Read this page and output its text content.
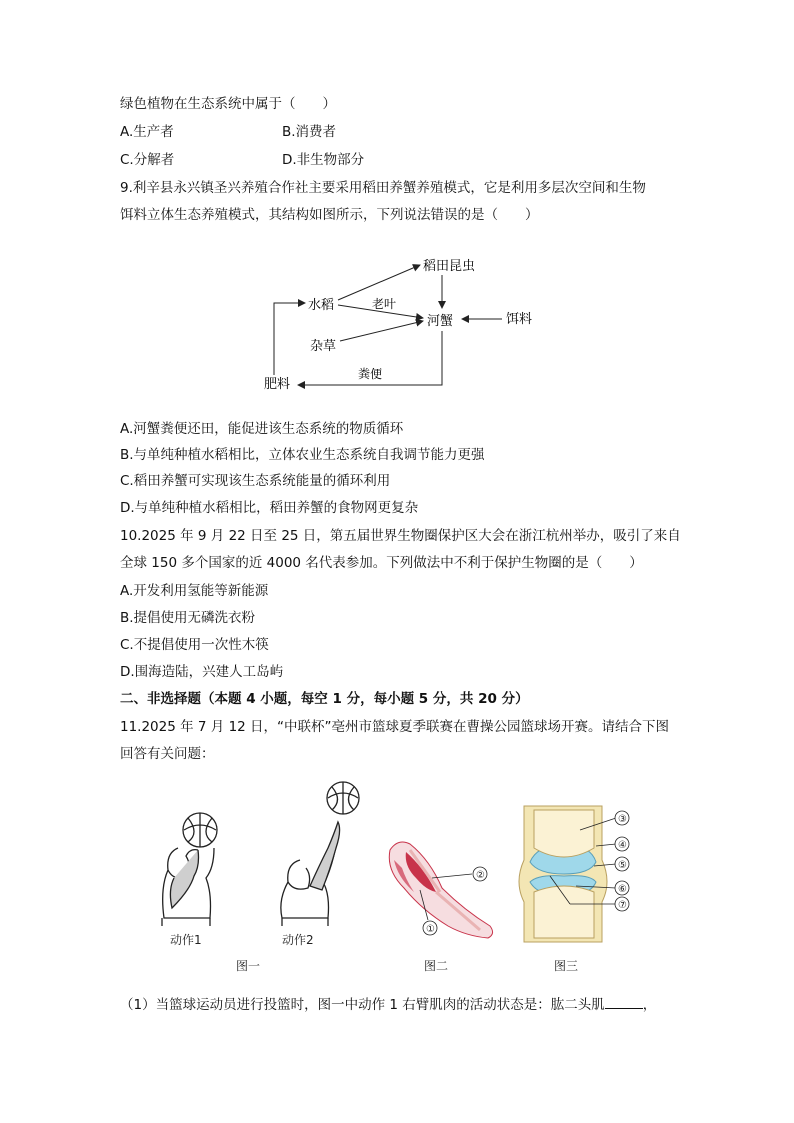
绿色植物在生态系统中属于（　　）
A.生产者	B.消费者
C.分解者	D.非生物部分
9.利辛县永兴镇圣兴养殖合作社主要采用稻田养蟹养殖模式，它是利用多层次空间和生物
饵料立体生态养殖模式，其结构如图所示，下列说法错误的是（　　）
水稻
稻田昆虫
老叶
河蟹	饵料
杂草
粪便
肥料
A.河蟹粪便还田，能促进该生态系统的物质循环
B.与单纯种植水稻相比，立体农业生态系统自我调节能力更强
C.稻田养蟹可实现该生态系统能量的循环利用
D.与单纯种植水稻相比，稻田养蟹的食物网更复杂
10.2025 年 9 月 22 日至 25 日，第五届世界生物圈保护区大会在浙江杭州举办，吸引了来自
全球 150 多个国家的近 4000 名代表参加。下列做法中不利于保护生物圈的是（　　）
A.开发利用氢能等新能源
B.提倡使用无磷洗衣粉
C.不提倡使用一次性木筷
D.围海造陆，兴建人工岛屿
二、非选择题（本题 4 小题，每空 1 分，每小题 5 分，共 20 分）
11.2025 年 7 月 12 日，“中联杯”亳州市篮球夏季联赛在曹操公园篮球场开赛。请结合下图
回答有关问题：
动作1	动作2
图一
②
①
图二
③
④
⑤
⑥
⑦
图三
（1）当篮球运动员进行投篮时，图一中动作 1 右臂肌肉的活动状态是：肱二头肌	，
